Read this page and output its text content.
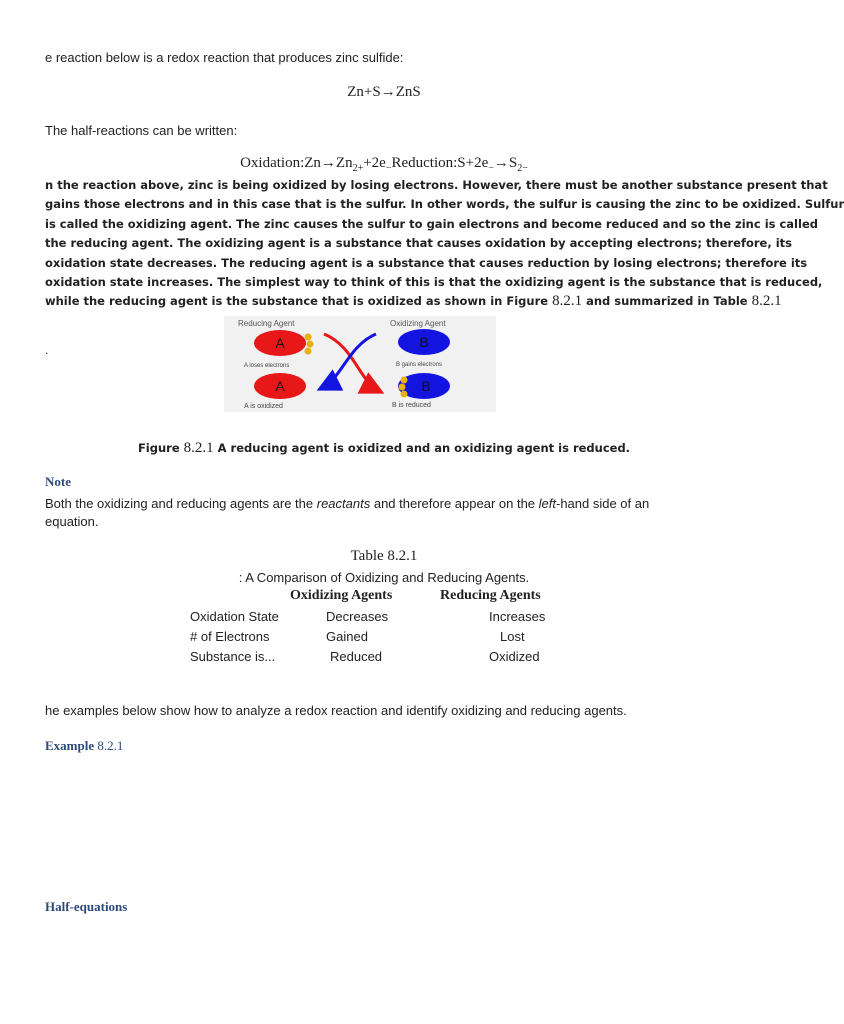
e reaction below is a redox reaction that produces zinc sulfide:
Zn+S→ZnS
The half-reactions can be written:
$Oxidation:Zn\to Zn_{2+}+2e_-Reduction:S+2e_-\to S_{2-}$

n the reaction above, zinc is being oxidized by losing electrons. However, there must be another substance present that

gains those electrons and in this case that is the sulfur. In other words, the sulfur is causing the zinc to be oxidized. Sulfur

is called the oxidizing agent. The zinc causes the sulfur to gain electrons and become reduced and so the zinc is called

the reducing agent. The oxidizing agent is a substance that causes oxidation by accepting electrons; therefore, its

oxidation state decreases. The reducing agent is a substance that causes reduction by losing electrons; therefore its

oxidation state increases. The simplest way to think of this is that the oxidizing agent is the substance that is reduced,

while the reducing agent is the substance that is oxidized as shown in Figure 8.2.1 and summarized in Table 8.2.1

.
Reducing Agent	Oxidizing Agent
A
A loses electrons
B
B gains electrons
A
A is oxidized
B
B is reduced
Figure 8.2.1 A reducing agent is oxidized and an oxidizing agent is reduced.
Note
Both the oxidizing and reducing agents are the reactants and therefore appear on the left-hand side of an
equation.
Table 8.2.1
: A Comparison of Oxidizing and Reducing Agents.
Oxidizing Agents	Reducing Agents
Oxidation State	Decreases	Increases
# of Electrons	Gained	Lost
Substance is...	Reduced	Oxidized
he examples below show how to analyze a redox reaction and identify oxidizing and reducing agents.
Example 8.2.1
Half-equations
